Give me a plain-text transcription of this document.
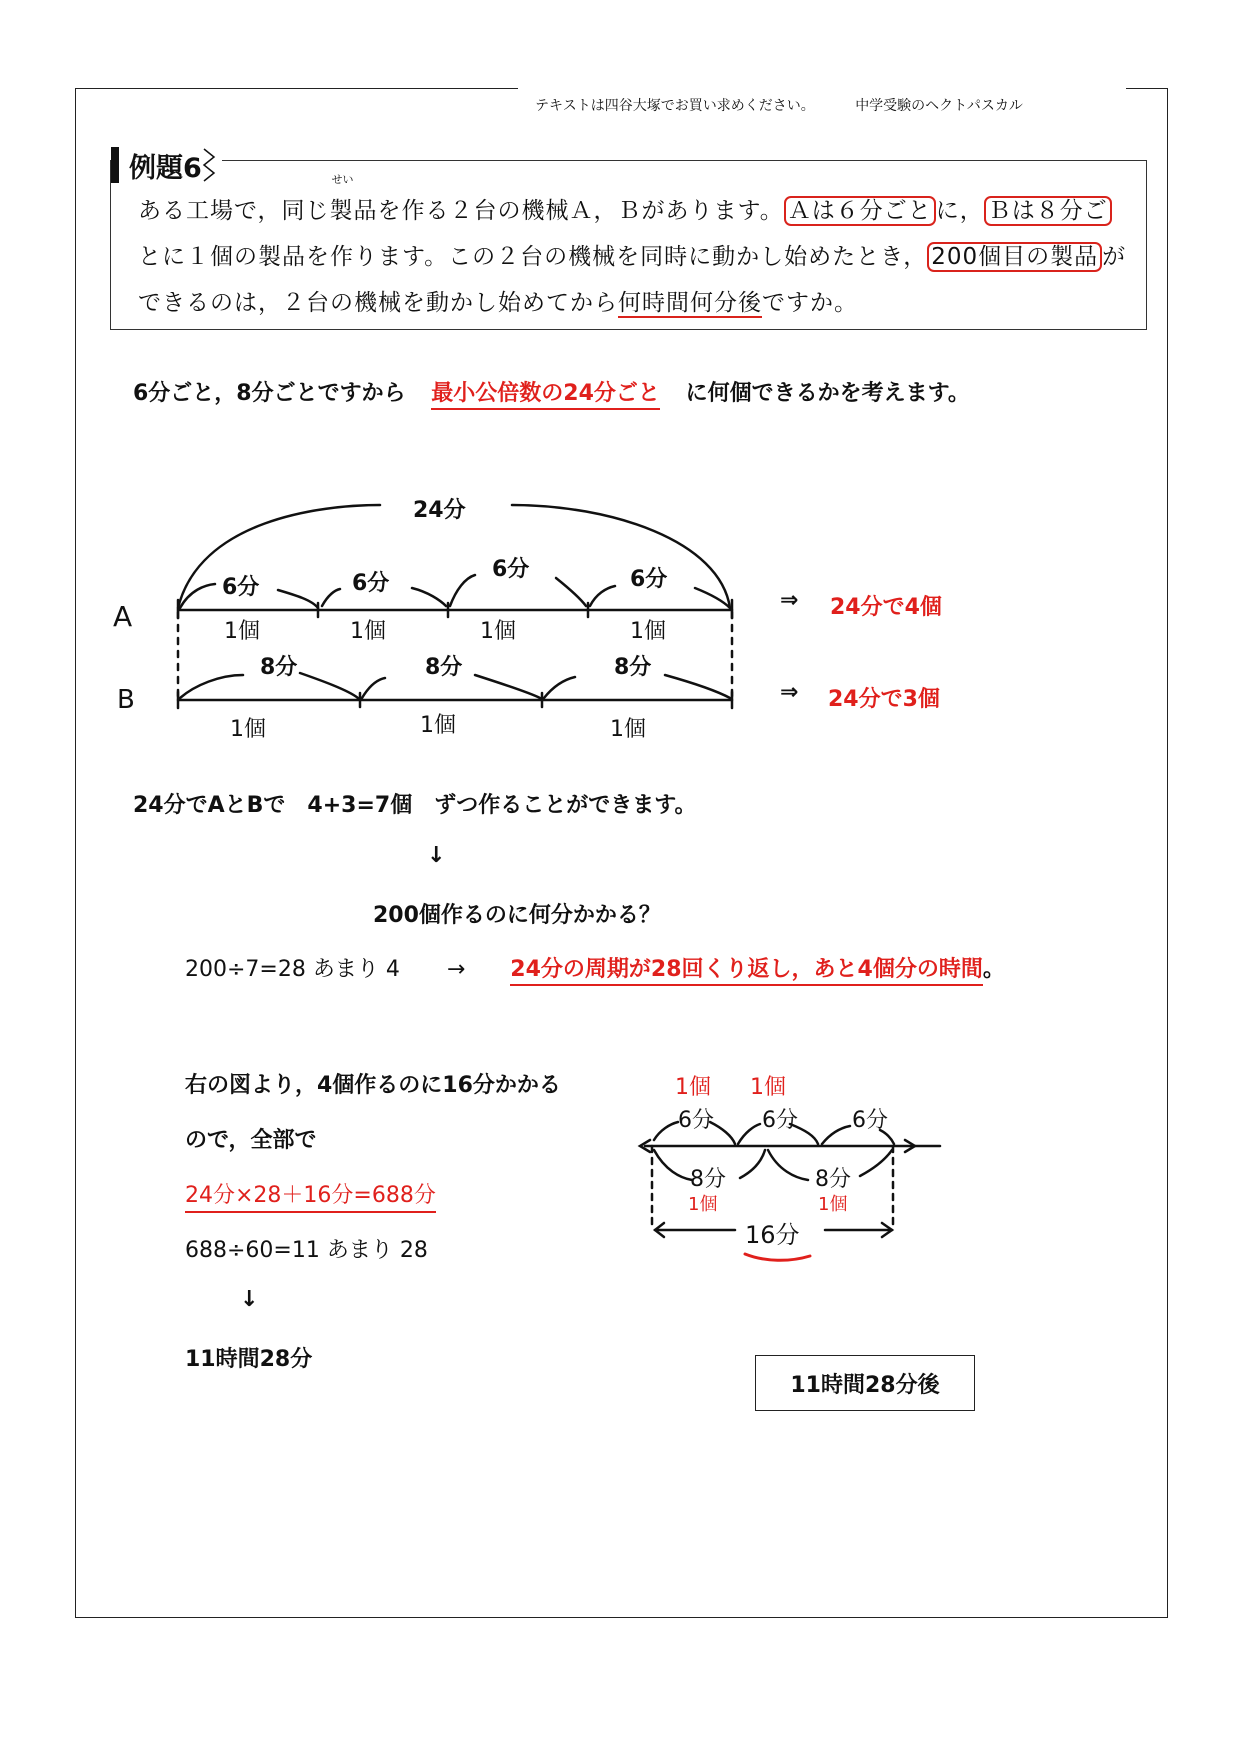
テキストは四谷大塚でお買い求めください。	中学受験のヘクトパスカル
例題6
ある工場で，同じ
せい
製品を作る２台の機械Ａ，Ｂがあります。 Ａは６分ごと に， Ｂは８分ご
とに１個の製品を作ります。この２台の機械を同時に動かし始めたとき， 200個目の製品 が
できるのは，２台の機械を動かし始めてから何時間何分後ですか。
6分ごと，8分ごとですから 最小公倍数の24分ごと に何個できるかを考えます。
24分
A
B
6分	6分
6分	6分
1個	1個	1個	1個
8分	8分	8分
1個	1個	1個
⇒ 24分で4個
⇒ 24分で3個
24分でAとBで　4+3=7個　ずつ作ることができます。
↓
200個作るのに何分かかる？
200÷7=28 あまり 4 → 24分の周期が28回くり返し，あと4個分の時間。
右の図より，4個作るのに16分かかる
ので，全部で
24分×28＋16分=688分
688÷60=11 あまり 28
↓
11時間28分
1個 1個
6分 6分 6分
8分	8分
1個	1個
16分
11時間28分後
